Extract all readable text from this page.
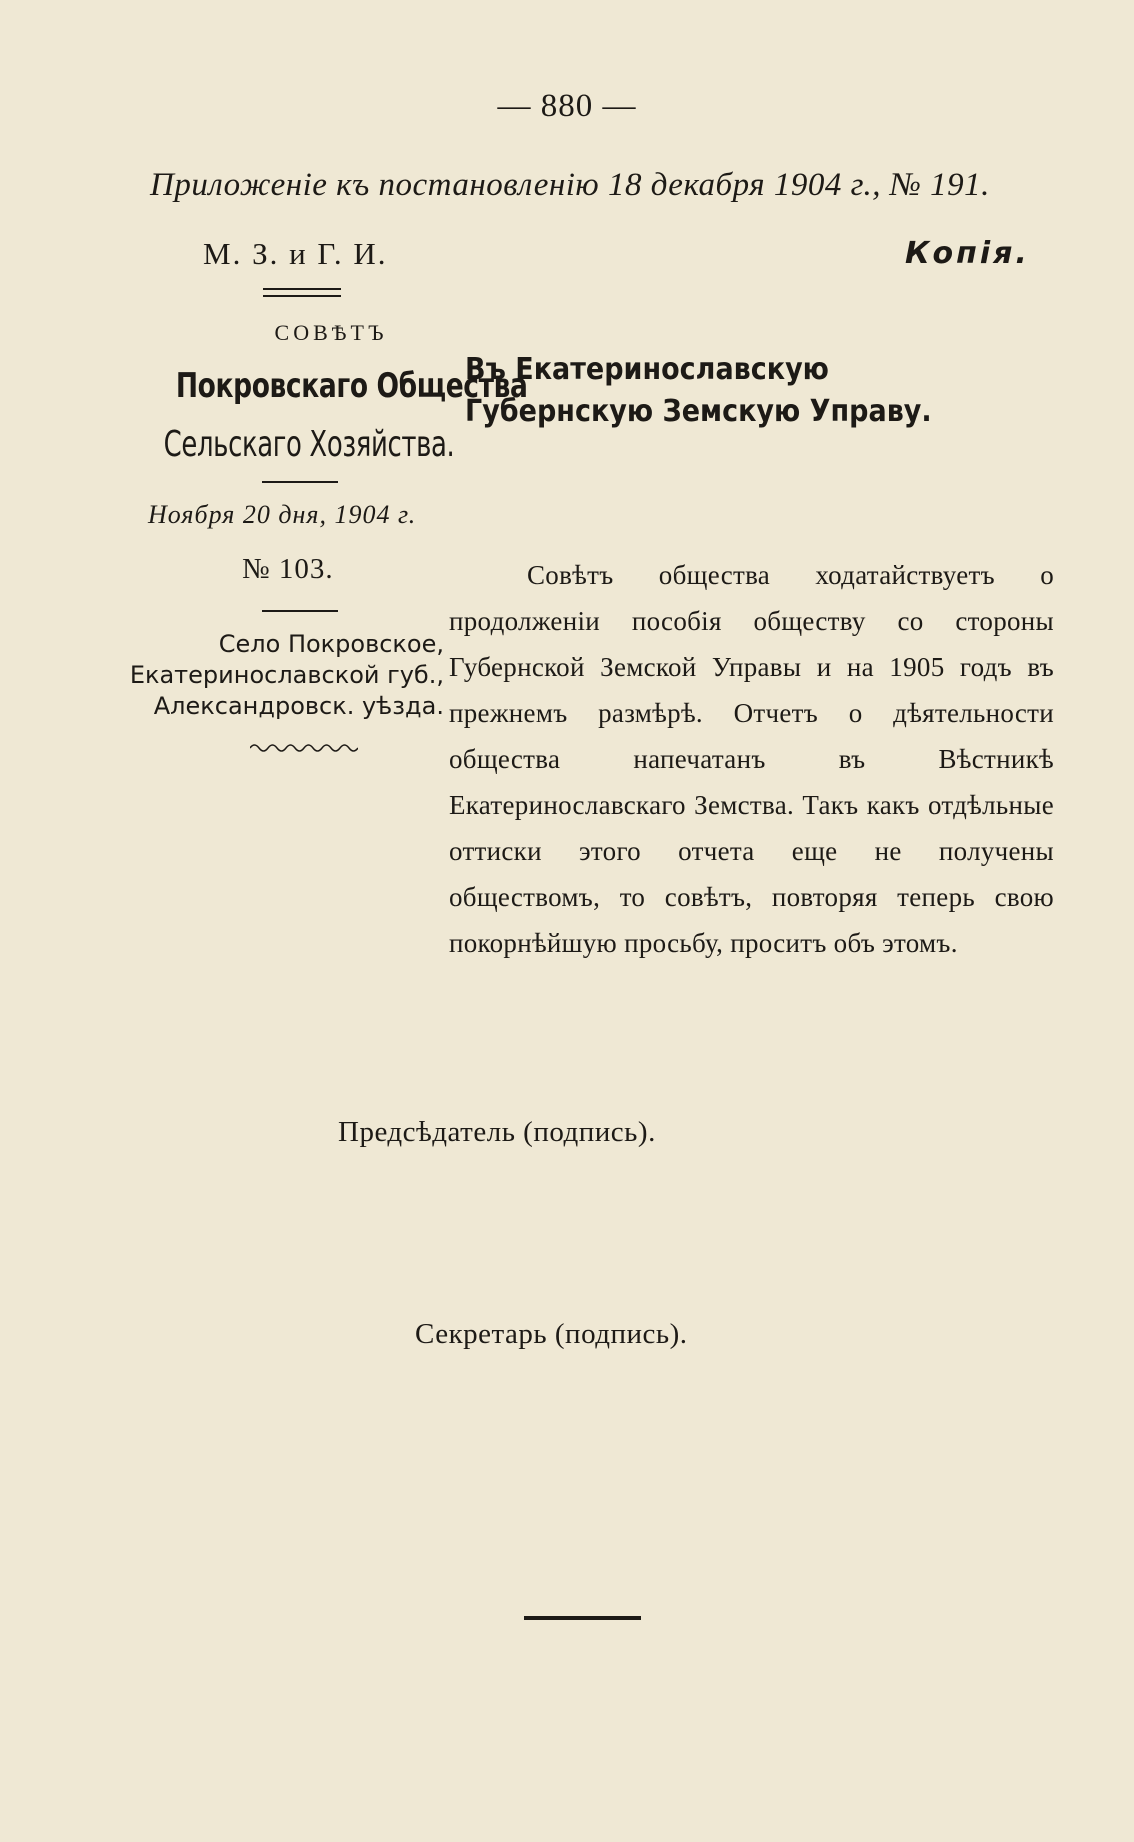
— 880 —
Приложенiе къ постановленiю 18 декабря 1904 г., № 191.
М. З. и Г. И.	Копiя.
СОВѢТЪ
Покровскаго Общества
Сельскаго Хозяйства.
Ноября 20 дня, 1904 г.
№ 103.
Село Покровское,
Екатеринославской губ.,
Александровск. уѣзда.
Въ Екатеринославскую Губернскую Земскую Управу.
Совѣтъ общества ходатайствуетъ о продолженiи пособiя обществу со стороны Губернской Земской Управы и на 1905 годъ въ прежнемъ размѣрѣ. Отчетъ о дѣятельности общества напечатанъ въ Вѣстникѣ Екатеринославскаго Земства. Такъ какъ отдѣльные оттиски этого отчета еще не получены обществомъ, то совѣтъ, повторяя теперь свою покорнѣйшую просьбу, проситъ объ этомъ.
Предсѣдатель (подпись).
Секретарь (подпись).
